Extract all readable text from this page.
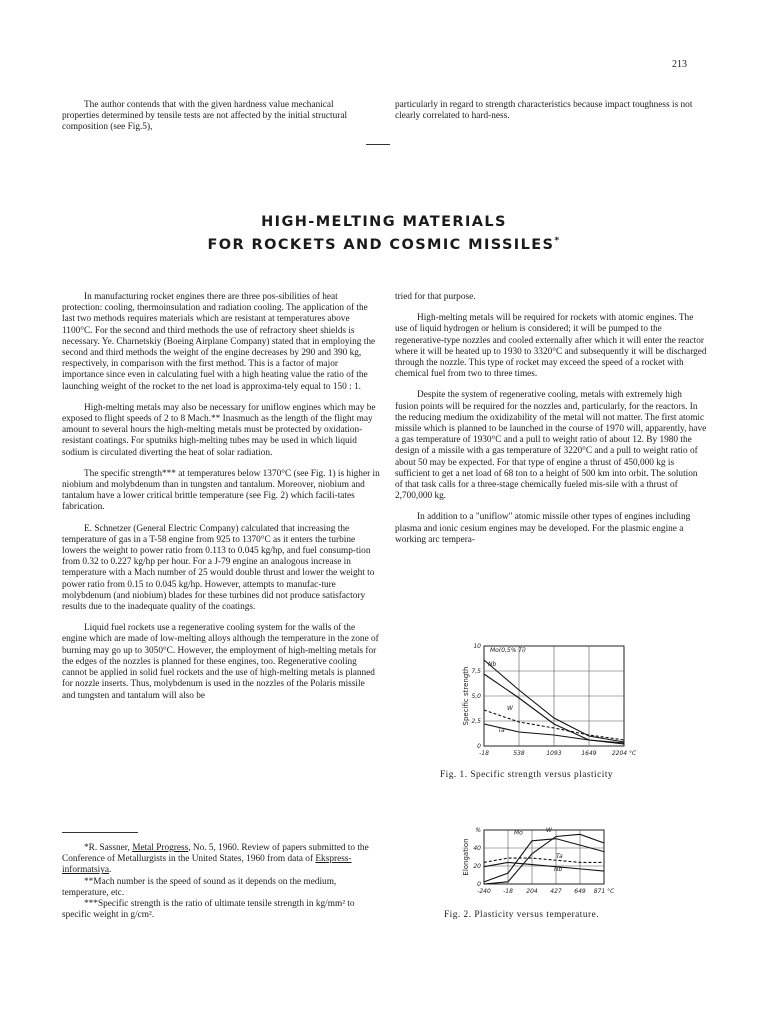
213

The author contends that with the given hardness value mechanical properties determined by tensile tests are not affected by the initial structural composition (see Fig.5),

particularly in regard to strength characteristics because impact toughness is not clearly correlated to hard-ness.

HIGH-MELTING MATERIALS
FOR ROCKETS AND COSMIC MISSILES*

In manufacturing rocket engines there are three pos-sibilities of heat protection: cooling, thermoinsulation and radiation cooling. The application of the last two methods requires materials which are resistant at temperatures above 1100°C. For the second and third methods the use of refractory sheet shields is necessary. Ye. Charnetskiy (Boeing Airplane Company) stated that in employing the second and third methods the weight of the engine decreases by 290 and 390 kg, respectively, in comparison with the first method. This is a factor of major importance since even in calculating fuel with a high heating value the ratio of the launching weight of the rocket to the net load is approxima-tely equal to 150 : 1.

High-melting metals may also be necessary for uniflow engines which may be exposed to flight speeds of 2 to 8 Mach.** Inasmuch as the length of the flight may amount to several hours the high-melting metals must be protected by oxidation-resistant coatings. For sputniks high-melting tubes may be used in which liquid sodium is circulated diverting the heat of solar radiation.

The specific strength*** at temperatures below 1370°C (see Fig. 1) is higher in niobium and molybdenum than in tungsten and tantalum. Moreover, niobium and tantalum have a lower critical brittle temperature (see Fig. 2) which facili-tates fabrication.

E. Schnetzer (General Electric Company) calculated that increasing the temperature of gas in a T-58 engine from 925 to 1370°C as it enters the turbine lowers the weight to power ratio from 0.113 to 0.045 kg/hp, and fuel consump-tion from 0.32 to 0.227 kg/hp per hour. For a J-79 engine an analogous increase in temperature with a Mach number of 25 would double thrust and lower the weight to power ratio from 0.15 to 0.045 kg/hp. However, attempts to manufac-ture molybdenum (and niobium) blades for these turbines did not produce satisfactory results due to the inadequate quality of the coatings.

Liquid fuel rockets use a regenerative cooling system for the walls of the engine which are made of low-melting alloys although the temperature in the zone of burning may go up to 3050°C. However, the employment of high-melting metals for the edges of the nozzles is planned for these engines, too. Regenerative cooling cannot be applied in solid fuel rockets and the use of high-melting metals is planned for nozzle inserts. Thus, molybdenum is used in the nozzles of the Polaris missile and tungsten and tantalum will also be

tried for that purpose.

High-melting metals will be required for rockets with atomic engines. The use of liquid hydrogen or helium is considered; it will be pumped to the regenerative-type nozzles and cooled externally after which it will enter the reactor where it will be heated up to 1930 to 3320°C and subsequently it will be discharged through the nozzle. This type of rocket may exceed the speed of a rocket with chemical fuel from two to three times.

Despite the system of regenerative cooling, metals with extremely high fusion points will be required for the nozzles and, particularly, for the reactors. In the reducing medium the oxidizability of the metal will not matter. The first atomic missile which is planned to be launched in the course of 1970 will, apparently, have a gas temperature of 1930°C and a pull to weight ratio of about 12. By 1980 the design of a missile with a gas temperature of 3220°C and a pull to weight ratio of about 50 may be expected. For that type of engine a thrust of 450,000 kg is sufficient to get a net load of 68 ton to a height of 500 km into orbit. The solution of that task calls for a three-stage chemically fueled mis-sile with a thrust of 2,700,000 kg.

In addition to a "uniflow" atomic missile other types of engines including plasma and ionic cesium engines may be developed. For the plasmic engine a working arc tempera-

*R. Sassner, Metal Progress, No. 5, 1960. Review of papers submitted to the Conference of Metallurgists in the United States, 1960 from data of Ekspress-informatsiya.

**Mach number is the speed of sound as it depends on the medium, temperature, etc.

***Specific strength is the ratio of ultimate tensile strength in kg/mm² to specific weight in g/cm².

10
7,5
5,0
2,5
0
-18	538	1093	1649	2204 °C
Specific strength
Mo(0,5% Ti)
Nb
W
Ta
Fig. 1. Specific strength versus plasticity
%
40
20
0
-240 -18 204 427 649 871 °C
Elongation
Mo	W
Ta
Nb
Fig. 2. Plasticity versus temperature.
